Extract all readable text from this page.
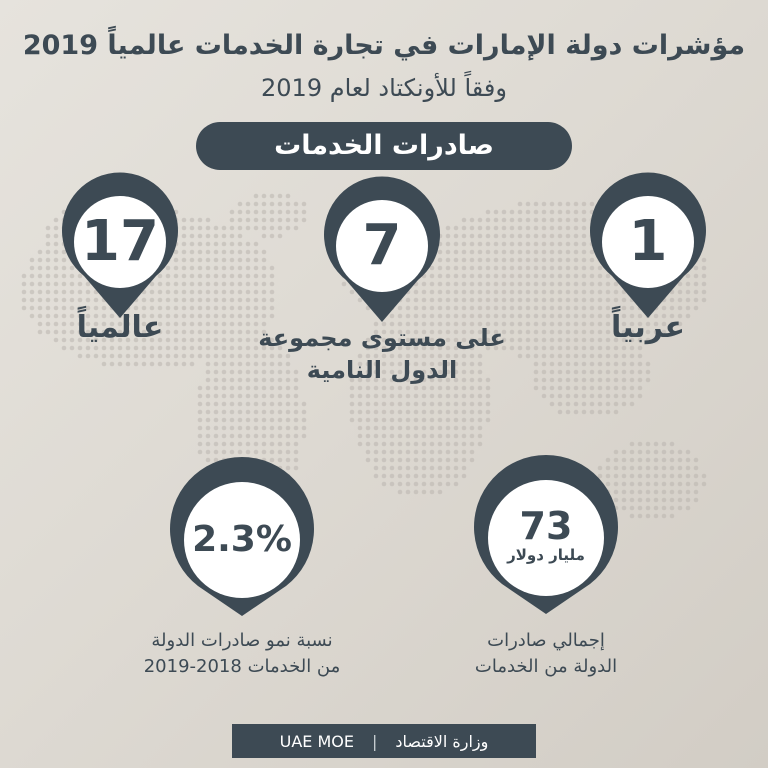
مؤشرات دولة الإمارات في تجارة الخدمات عالمياً 2019
وفقاً للأونكتاد لعام 2019
صادرات الخدمات
17
عالمياً
7
على مستوى مجموعة
الدول النامية
1
عربياً
2.3%
نسبة نمو صادرات الدولة
من الخدمات 2018-2019
73
مليار دولار
إجمالي صادرات
الدولة من الخدمات
UAE MOE | وزارة الاقتصاد
